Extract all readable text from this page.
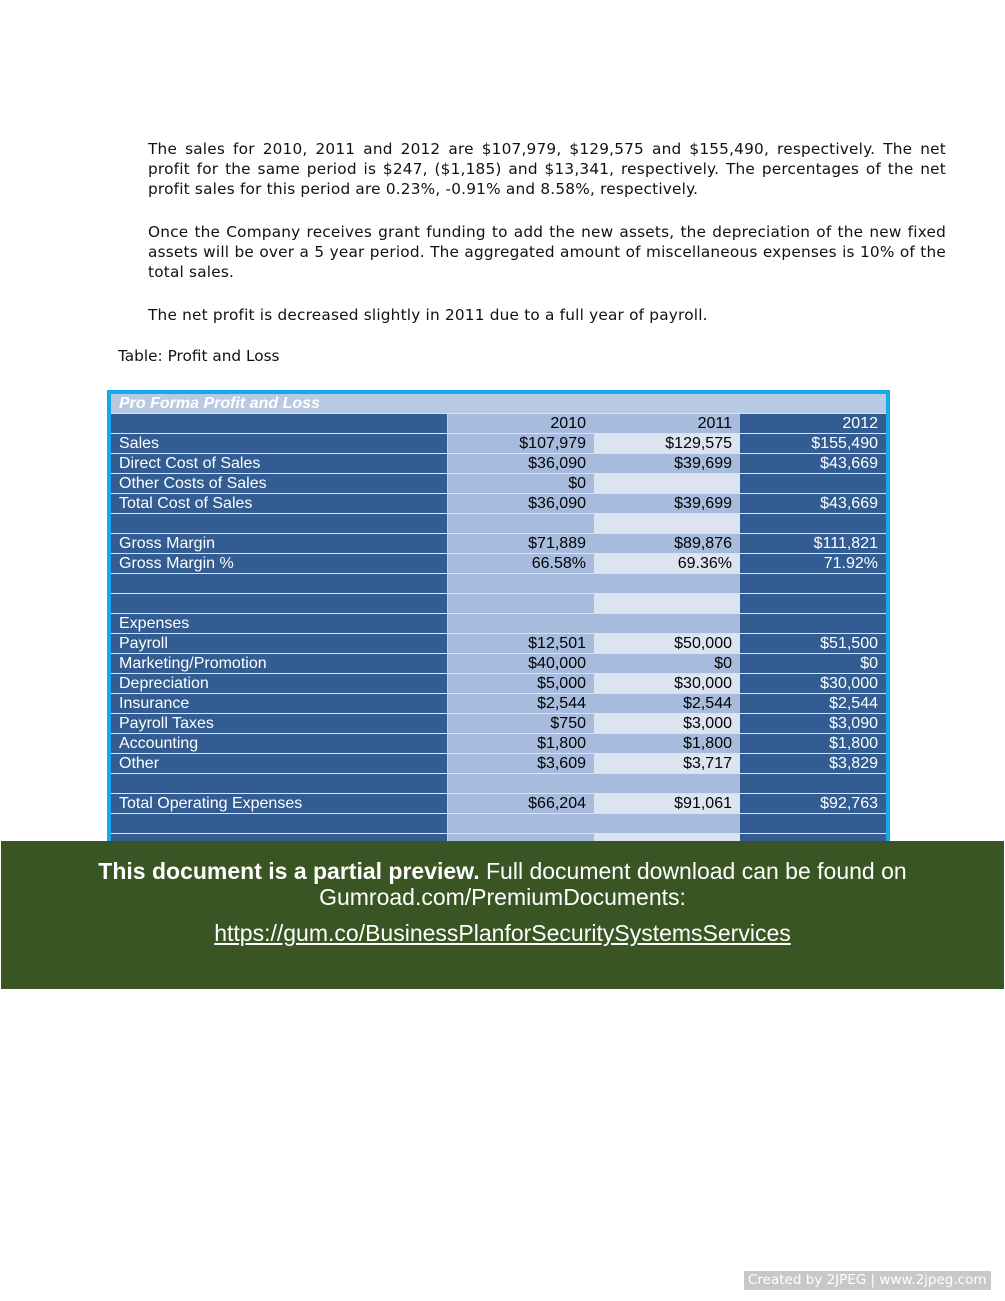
The sales for 2010, 2011 and 2012 are $107,979, $129,575 and $155,490, respectively. The net profit for the same period is $247, ($1,185) and $13,341, respectively. The percentages of the net profit sales for this period are 0.23%, -0.91% and 8.58%, respectively.
Once the Company receives grant funding to add the new assets, the depreciation of the new fixed assets will be over a 5 year period. The aggregated amount of miscellaneous expenses is 10% of the total sales.
The net profit is decreased slightly in 2011 due to a full year of payroll.
Table: Profit and Loss
Pro Forma Profit and Loss			
	2010	2011	2012
Sales	$107,979	$129,575	$155,490
Direct Cost of Sales	$36,090	$39,699	$43,669
Other Costs of Sales	$0		
Total Cost of Sales	$36,090	$39,699	$43,669

Gross Margin	$71,889	$89,876	$111,821
Gross Margin %	66.58%	69.36%	71.92%

Expenses			
Payroll	$12,501	$50,000	$51,500
Marketing/Promotion	$40,000	$0	$0
Depreciation	$5,000	$30,000	$30,000
Insurance	$2,544	$2,544	$2,544
Payroll Taxes	$750	$3,000	$3,090
Accounting	$1,800	$1,800	$1,800
Other	$3,609	$3,717	$3,829

Total Operating Expenses	$66,204	$91,061	$92,763

This document is a partial preview. Full document download can be found on Gumroad.com/PremiumDocuments:
https://gum.co/BusinessPlanforSecuritySystemsServices
Created by 2JPEG | www.2jpeg.com
